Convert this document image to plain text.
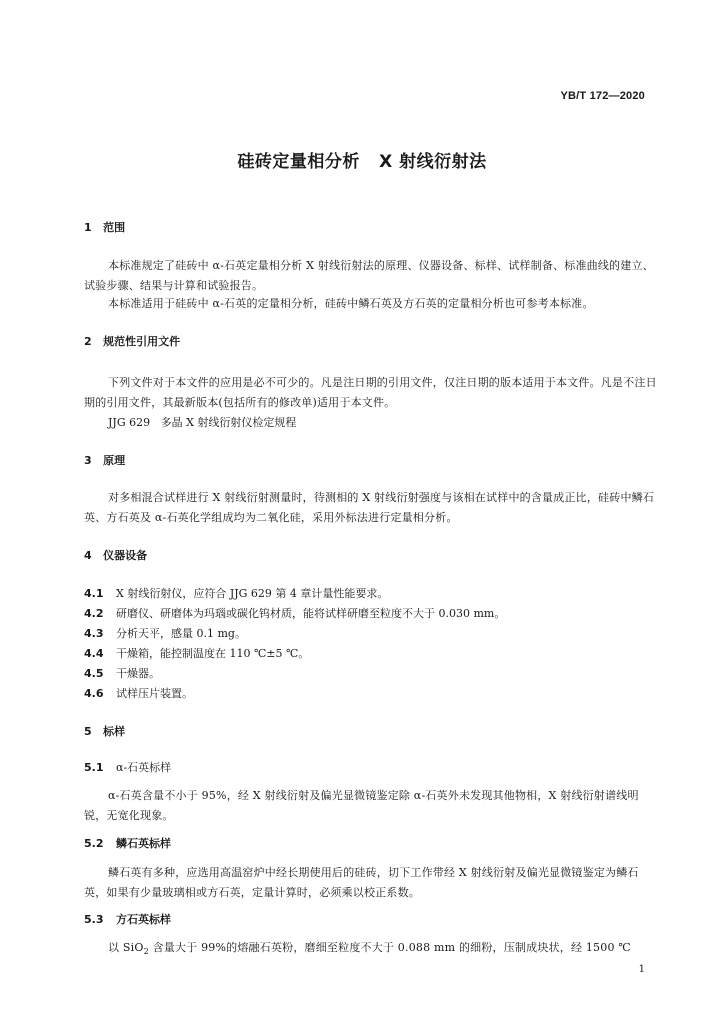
YB/T 172—2020
硅砖定量相分析   X 射线衍射法
1   范围
本标准规定了硅砖中 α-石英定量相分析 X 射线衍射法的原理、仪器设备、标样、试样制备、标准曲线的建立、试验步骤、结果与计算和试验报告。
本标准适用于硅砖中 α-石英的定量相分析，硅砖中鳞石英及方石英的定量相分析也可参考本标准。
2   规范性引用文件
下列文件对于本文件的应用是必不可少的。凡是注日期的引用文件，仅注日期的版本适用于本文件。凡是不注日期的引用文件，其最新版本(包括所有的修改单)适用于本文件。
JJG 629   多晶 X 射线衍射仪检定规程
3   原理
对多相混合试样进行 X 射线衍射测量时，待测相的 X 射线衍射强度与该相在试样中的含量成正比，硅砖中鳞石英、方石英及 α-石英化学组成均为二氧化硅，采用外标法进行定量相分析。
4   仪器设备
4.1 X 射线衍射仪，应符合 JJG 629 第 4 章计量性能要求。
4.2 研磨仪、研磨体为玛瑙或碳化钨材质，能将试样研磨至粒度不大于 0.030 mm。
4.3 分析天平，感量 0.1 mg。
4.4 干燥箱，能控制温度在 110 ℃±5 ℃。
4.5 干燥器。
4.6 试样压片装置。
5   标样
5.1 α-石英标样
α-石英含量不小于 95%，经 X 射线衍射及偏光显微镜鉴定除 α-石英外未发现其他物相，X 射线衍射谱线明锐，无宽化现象。
5.2 鳞石英标样
鳞石英有多种，应选用高温窑炉中经长期使用后的硅砖，切下工作带经 X 射线衍射及偏光显微镜鉴定为鳞石英，如果有少量玻璃相或方石英，定量计算时，必须乘以校正系数。
5.3 方石英标样
以 SiO$_2$ 含量大于 99%的熔融石英粉，磨细至粒度不大于 0.088 mm 的细粉，压制成块状，经 1500 ℃
1
